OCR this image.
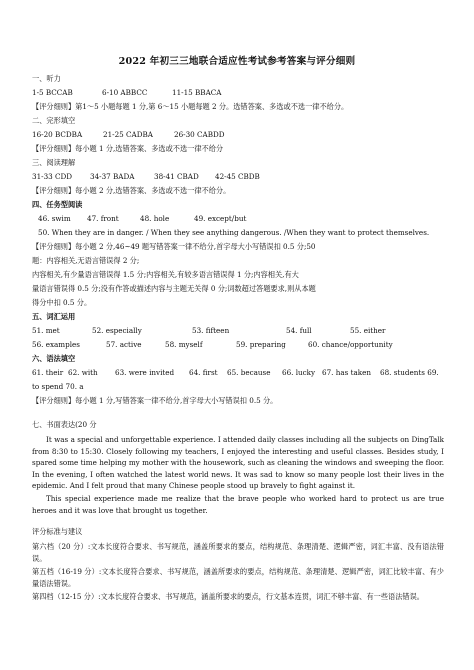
2022 年初三三地联合适应性考试参考答案与评分细则
一、听力
1-5 BCCAB	6-10 ABBCC	11-15 BBACA
【评分细则】第1～5 小题每题 1 分,第 6～15 小题每题 2 分。选错答案、多选或不选一律不给分。
二、完形填空
16-20 BCDBA	21-25 CADBA	26-30 CABDD
【评分细则】每小题 1 分,选错答案、多选或不选一律不给分
三、阅读理解
31-33 CDD 34-37 BADA	38-41 CBAD 42-45 CBDB
【评分细则】每小题 2 分,选错答案、多选或不选一律不给分。
四、任务型阅读
46. swim 47. front	48. hole	49. except/but
50. When they are in danger. / When they see anything dangerous. /When they want to protect themselves.
【评分细则】每小题 2 分,46~49 题写错答案一律不给分,首字母大小写错误扣 0.5 分;50
题：内容相关,无语言错误得 2 分;
内容相关,有少量语言错误得 1.5 分;内容相关,有较多语言错误得 1 分;内容相关,有大
量语言错误得 0.5 分;没有作答或描述内容与主题无关得 0 分;词数超过答题要求,则从本题
得分中扣 0.5 分。
五、词汇运用
51. met	52. especially	53. fifteen	54. full	55. either
56. examples	57. active	58. myself	59. preparing	60. chance/opportunity
六、语法填空
61. their 62. with 63. were invited 64. first 65. because 66. lucky 67. has taken 68. students 69.
to spend 70. a
【评分细则】每小题 1 分,写错答案一律不给分,首字母大小写错误扣 0.5 分。
七、书面表达(20 分
It was a special and unforgettable experience. I attended daily classes including all the subjects on DingTalk from 8:30 to 15:30. Closely following my teachers, I enjoyed the interesting and useful classes. Besides study, I spared some time helping my mother with the housework, such as cleaning the windows and sweeping the floor. In the evening, I often watched the latest world news. It was sad to know so many people lost their lives in the epidemic. And I felt proud that many Chinese people stood up bravely to fight against it.
This special experience made me realize that the brave people who worked hard to protect us are true heroes and it was love that brought us together.
评分标准与建议
第六档（20 分）:文本长度符合要求、书写规范，涵盖所要求的要点，结构规范、条理清楚、逻辑严密，词汇丰富、没有语法错误。
第五档（16-19 分）:文本长度符合要求、书写规范，涵盖所要求的要点，结构规范、条理清楚、逻辑严密，词汇比较丰富、有少量语法错误。
第四档（12-15 分）:文本长度符合要求、书写规范，涵盖所要求的要点，行文基本连贯，词汇不够丰富、有一些语法错误。
